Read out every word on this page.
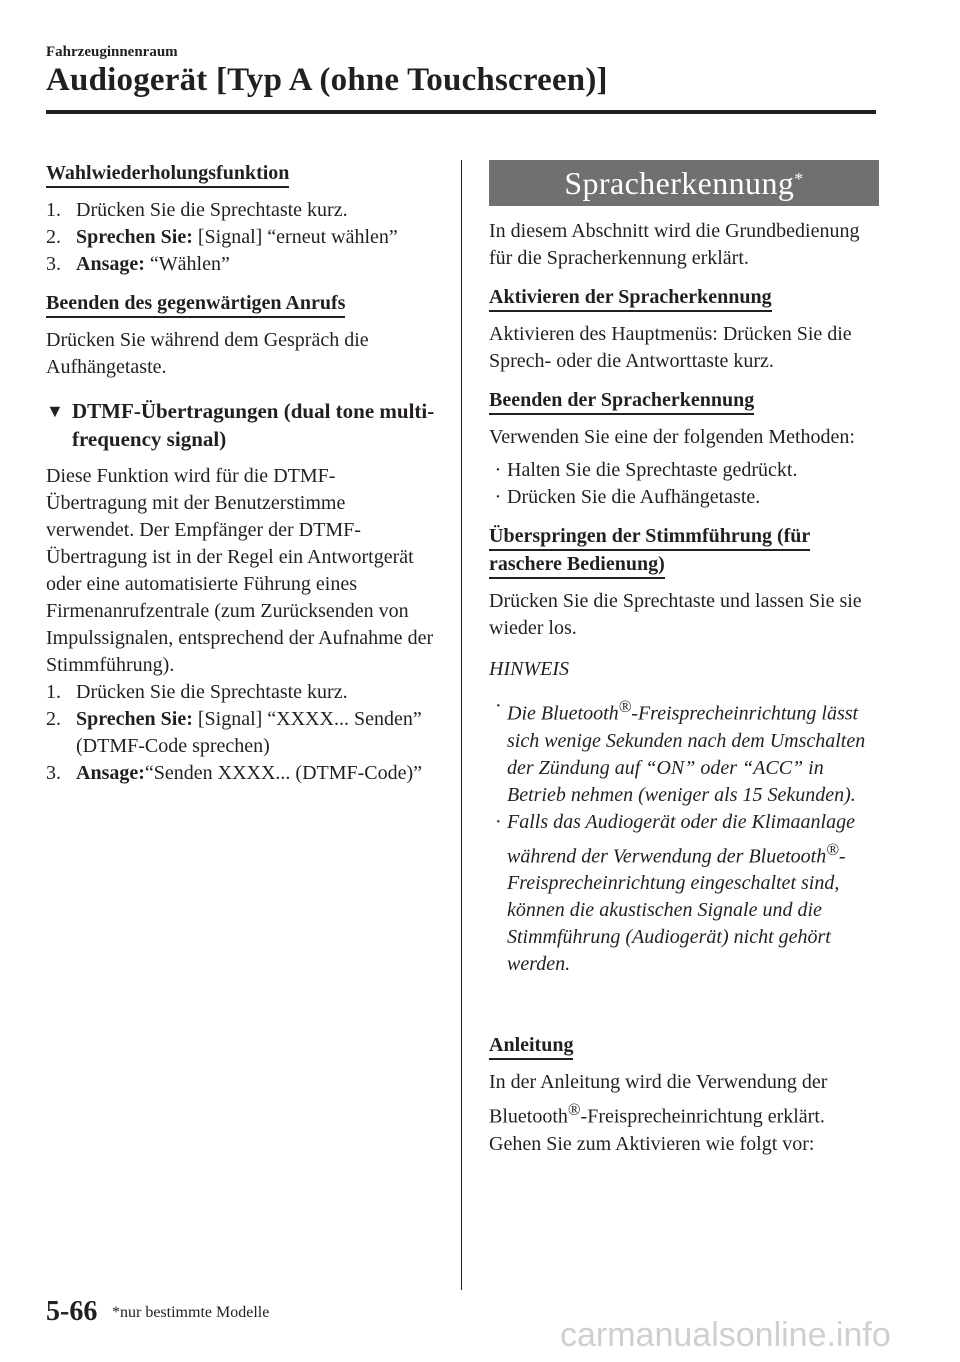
Fahrzeuginnenraum
Audiogerät [Typ A (ohne Touchscreen)]
Wahlwiederholungsfunktion
1. Drücken Sie die Sprechtaste kurz.
2. Sprechen Sie: [Signal] “erneut wählen”
3. Ansage: “Wählen”
Beenden des gegenwärtigen Anrufs

Drücken Sie während dem Gespräch die Aufhängetaste.

▼ DTMF-Übertragungen (dual tone multi-frequency signal)

Diese Funktion wird für die DTMF-Übertragung mit der Benutzerstimme verwendet. Der Empfänger der DTMF-Übertragung ist in der Regel ein Antwortgerät oder eine automatisierte Führung eines Firmenanrufzentrale (zum Zurücksenden von Impulssignalen, entsprechend der Aufnahme der Stimmführung).

1. Drücken Sie die Sprechtaste kurz.
2. Sprechen Sie: [Signal] “XXXX... Senden” (DTMF-Code sprechen)
3. Ansage:“Senden XXXX... (DTMF-Code)”
Spracherkennung*

In diesem Abschnitt wird die Grundbedienung für die Spracherkennung erklärt.

Aktivieren der Spracherkennung

Aktivieren des Hauptmenüs: Drücken Sie die Sprech- oder die Antworttaste kurz.

Beenden der Spracherkennung

Verwenden Sie eine der folgenden Methoden:

· Halten Sie die Sprechtaste gedrückt.
· Drücken Sie die Aufhängetaste.
Überspringen der Stimmführung (für
raschere Bedienung)

Drücken Sie die Sprechtaste und lassen Sie sie wieder los.

HINWEIS

· Die Bluetooth®-Freisprecheinrichtung lässt sich wenige Sekunden nach dem Umschalten der Zündung auf “ON” oder “ACC” in Betrieb nehmen (weniger als 15 Sekunden).
· Falls das Audiogerät oder die Klimaanlage während der Verwendung der Bluetooth®-Freisprecheinrichtung eingeschaltet sind, können die akustischen Signale und die Stimmführung (Audiogerät) nicht gehört werden.
Anleitung

In der Anleitung wird die Verwendung der Bluetooth®-Freisprecheinrichtung erklärt. Gehen Sie zum Aktivieren wie folgt vor:

5-66 *nur bestimmte Modelle
carmanualsonline.info
